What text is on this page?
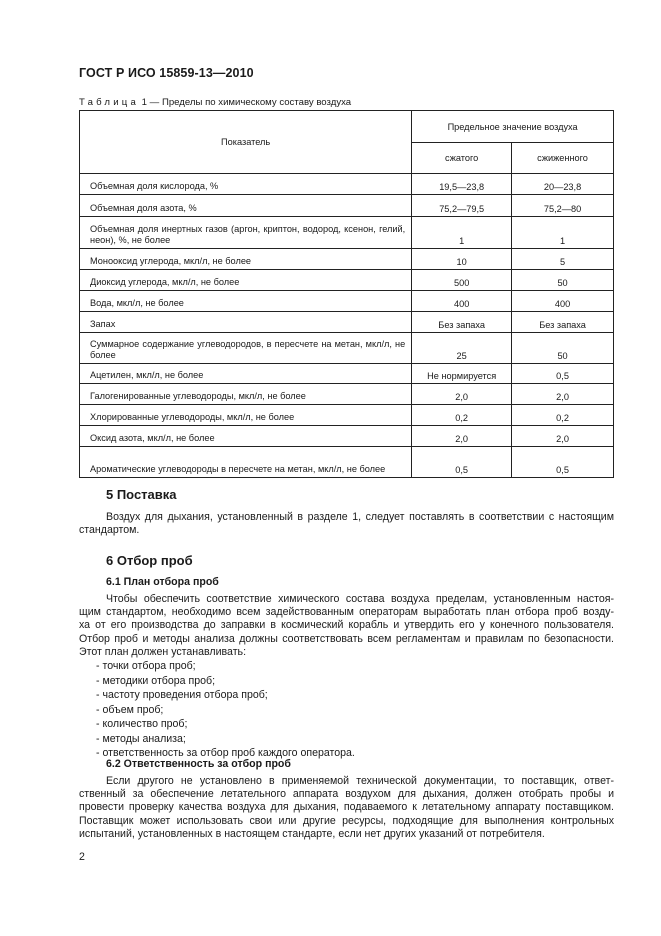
ГОСТ Р ИСО 15859-13—2010
Таблица 1 — Пределы по химическому составу воздуха
Показатель	Предельное значение воздуха	
	сжатого	сжиженного
Объемная доля кислорода, %	19,5—23,8	20—23,8
Объемная доля азота, %	75,2—79,5	75,2—80
Объемная доля инертных газов (аргон, криптон, водород, ксенон, гелий, неон), %, не более	1	1
Монооксид углерода, мкл/л, не более	10	5
Диоксид углерода, мкл/л, не более	500	50
Вода, мкл/л, не более	400	400
Запах	Без запаха	Без запаха
Суммарное содержание углеводородов, в пересчете на метан, мкл/л, не более	25	50
Ацетилен, мкл/л, не более	Не нормируется	0,5
Галогенированные углеводороды, мкл/л, не более	2,0	2,0
Хлорированные углеводороды, мкл/л, не более	0,2	0,2
Оксид азота, мкл/л, не более	2,0	2,0
Ароматические углеводороды в пересчете на метан, мкл/л, не более	0,5	0,5
5 Поставка
Воздух для дыхания, установленный в разделе 1, следует поставлять в соответствии с настоящим
стандартом.
6 Отбор проб
6.1 План отбора проб
Чтобы обеспечить соответствие химического состава воздуха пределам, установленным настоя-
щим стандартом, необходимо всем задействованным операторам выработать план отбора проб возду-
ха от его производства до заправки в космический корабль и утвердить его у конечного пользователя.
Отбор проб и методы анализа должны соответствовать всем регламентам и правилам по безопасности.
Этот план должен устанавливать:
- точки отбора проб;
- методики отбора проб;
- частоту проведения отбора проб;
- объем проб;
- количество проб;
- методы анализа;
- ответственность за отбор проб каждого оператора.
6.2 Ответственность за отбор проб
Если другого не установлено в применяемой технической документации, то поставщик, ответ-
ственный за обеспечение летательного аппарата воздухом для дыхания, должен отобрать пробы и
провести проверку качества воздуха для дыхания, подаваемого к летательному аппарату поставщиком.
Поставщик может использовать свои или другие ресурсы, подходящие для выполнения контрольных
испытаний, установленных в настоящем стандарте, если нет других указаний от потребителя.
2
